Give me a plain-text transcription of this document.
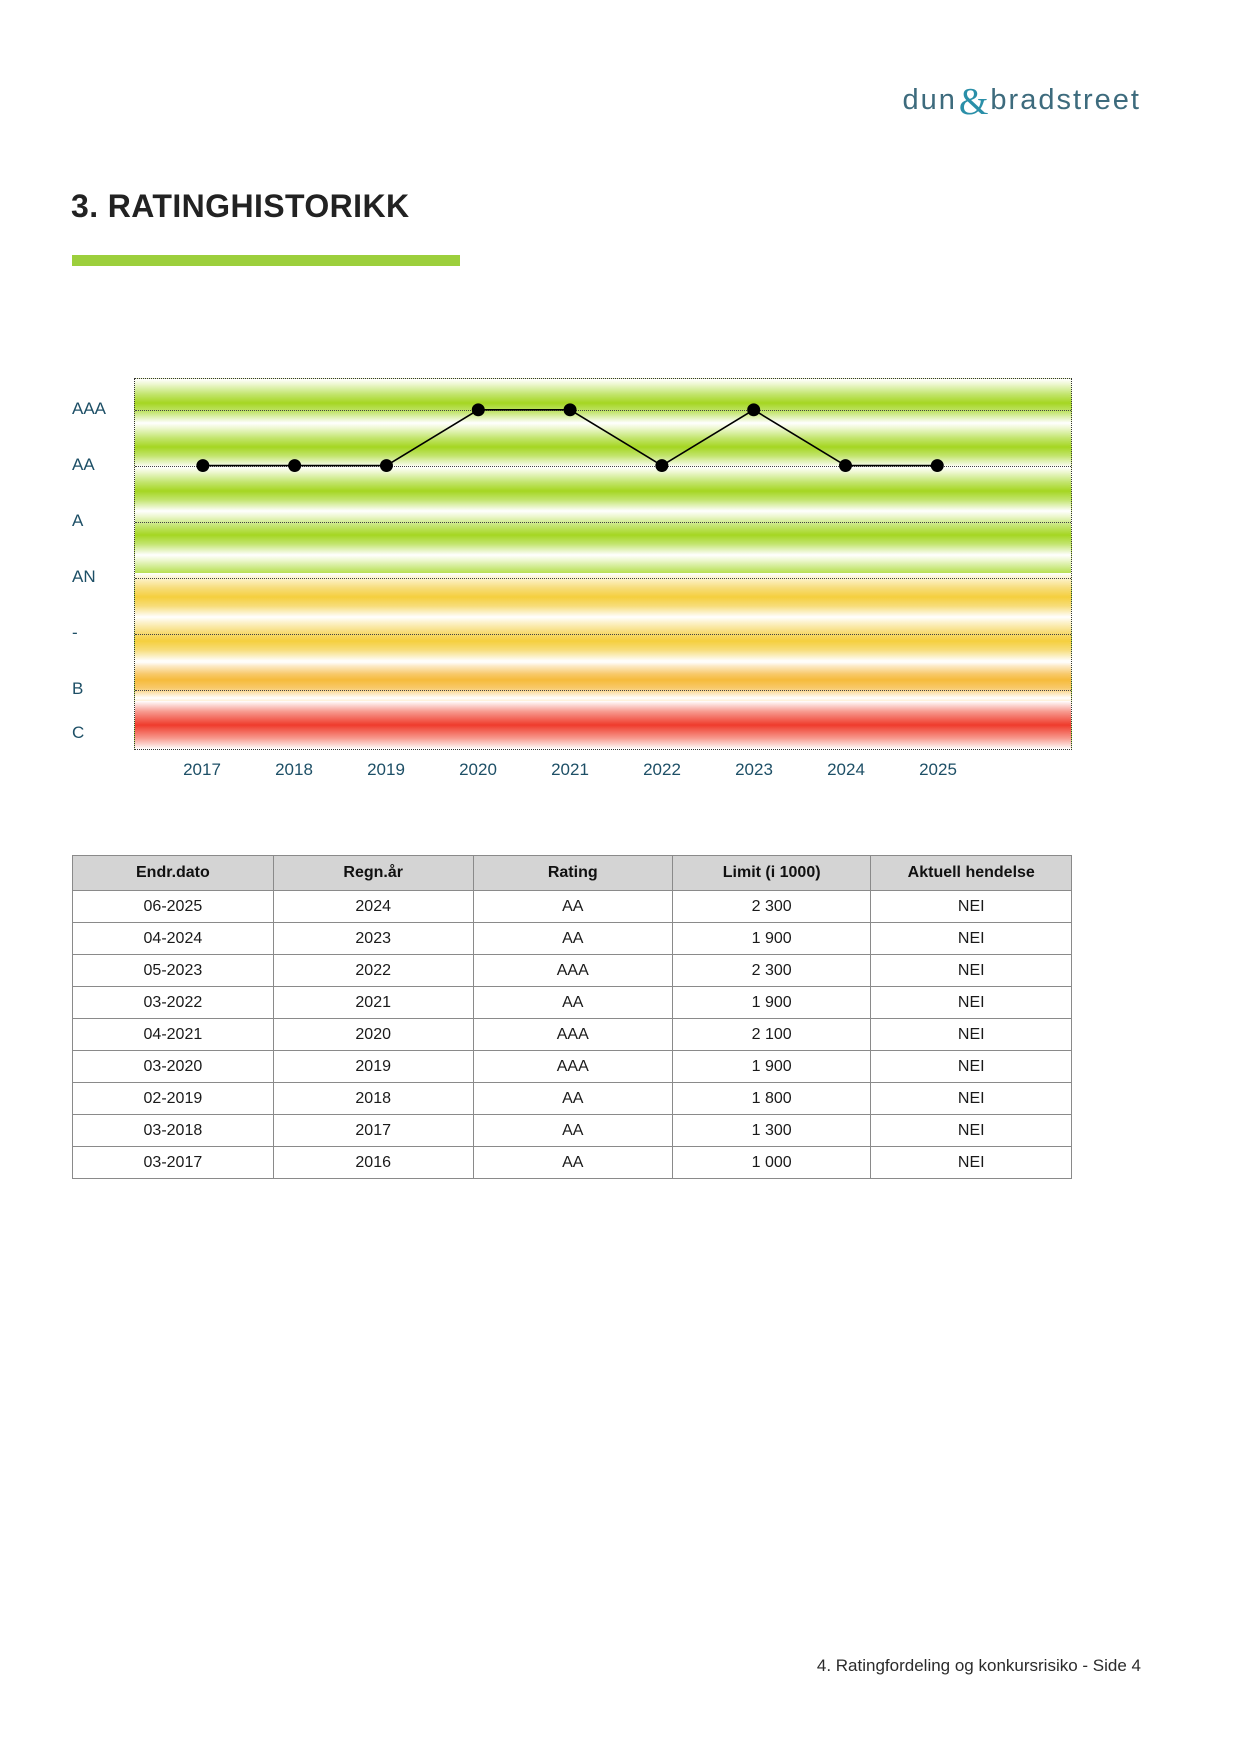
dun & bradstreet
3. RATINGHISTORIKK
AAA
AA
A
AN
-
B
C
2017	2018	2019	2020	2021	2022	2023	2024	2025
Endr.dato	Regn.år	Rating	Limit (i 1000)	Aktuell hendelse
06-2025	2024	AA	2 300	NEI
04-2024	2023	AA	1 900	NEI
05-2023	2022	AAA	2 300	NEI
03-2022	2021	AA	1 900	NEI
04-2021	2020	AAA	2 100	NEI
03-2020	2019	AAA	1 900	NEI
02-2019	2018	AA	1 800	NEI
03-2018	2017	AA	1 300	NEI
03-2017	2016	AA	1 000	NEI
4. Ratingfordeling og konkursrisiko - Side 4
